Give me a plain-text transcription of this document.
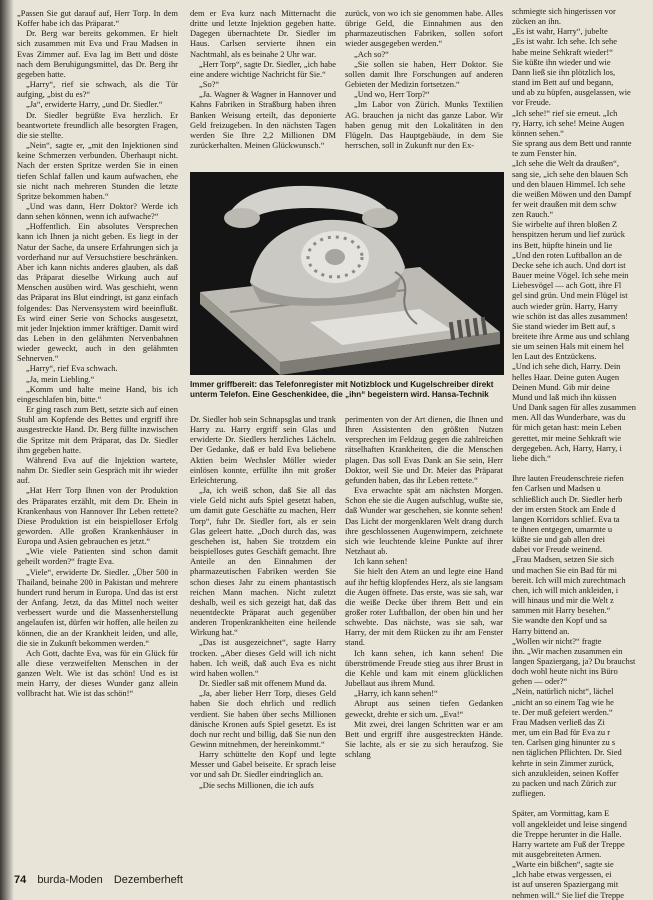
„Passen Sie gut darauf auf, Herr Torp. In dem Koffer habe ich das Präparat.“

Dr. Berg war bereits gekommen. Er hielt sich zusammen mit Eva und Frau Madsen in Evas Zimmer auf. Eva lag im Bett und döste nach dem Beruhigungsmittel, das Dr. Berg ihr gegeben hatte.

„Harry“, rief sie schwach, als die Tür aufging, „bist du es?“

„Ja“, erwiderte Harry, „und Dr. Siedler.“

Dr. Siedler begrüßte Eva herzlich. Er beantwortete freundlich alle besorgten Fragen, die sie stellte.

„Nein“, sagte er, „mit den Injektionen sind keine Schmerzen verbunden. Überhaupt nicht. Nach der ersten Spritze werden Sie in einen tiefen Schlaf fallen und kaum aufwachen, ehe sie nicht nach mehreren Stunden die letzte Spritze bekommen haben.“

„Und was dann, Herr Doktor? Werde ich dann sehen können, wenn ich aufwache?“

„Hoffentlich. Ein absolutes Versprechen kann ich Ihnen ja nicht geben. Es liegt in der Natur der Sache, da unsere Erfahrungen sich ja vorderhand nur auf Versuchstiere beschränken. Aber ich kann nichts anderes glauben, als daß das Präparat dieselbe Wirkung auch auf Menschen ausüben wird. Was geschieht, wenn das Präparat ins Blut eindringt, ist ganz einfach folgendes: Das Nervensystem wird beeinflußt. Es wird einer Serie von Schocks ausgesetzt, mit jeder Injektion immer kräftiger. Damit wird das Leben in den gelähmten Nervenbahnen wieder geweckt, auch in den gelähmten Sehnerven.“

„Harry“, rief Eva schwach.

„Ja, mein Liebling.“

„Komm und halte meine Hand, bis ich eingeschlafen bin, bitte.“

Er ging rasch zum Bett, setzte sich auf einen Stuhl am Kopfende des Bettes und ergriff ihre ausgestreckte Hand. Dr. Berg füllte inzwischen die Spritze mit dem Präparat, das Dr. Siedler ihm gegeben hatte.

Während Eva auf die Injektion wartete, nahm Dr. Siedler sein Gespräch mit ihr wieder auf.

„Hat Herr Torp Ihnen von der Produktion des Präparates erzählt, mit dem Dr. Ehein in Krankenhaus von Hannover Ihr Leben rettete? Diese Produktion ist ein beispielloser Erfolg geworden. Alle großen Krankenhäuser in Europa und Asien gebrauchen es jetzt.“

„Wie viele Patienten sind schon damit geheilt worden?“ fragte Eva.

„Viele“, erwiderte Dr. Siedler. „Über 500 in Thailand, beinahe 200 in Pakistan und mehrere hundert rund herum in Europa. Und das ist erst der Anfang. Jetzt, da das Mittel noch weiter verbessert wurde und die Massenherstellung angelaufen ist, dürfen wir hoffen, alle heilen zu können, die an der Krankheit leiden, und alle, die sie in Zukunft bekommen werden.“

Ach Gott, dachte Eva, was für ein Glück für alle diese verzweifelten Menschen in der ganzen Welt. Wie ist das schön! Und es ist mein Harry, der dieses Wunder ganz allein vollbracht hat. Wie ist das schön!“

dem er Eva kurz nach Mitternacht die dritte und letzte Injektion gegeben hatte. Dagegen übernachtete Dr. Siedler im Haus. Carlsen servierte ihnen ein Nachtmahl, als es beinahe 2 Uhr war.

„Herr Torp“, sagte Dr. Siedler, „ich habe eine andere wichtige Nachricht für Sie.“

„So?“

„Ja. Wagner & Wagner in Hannover und Kahns Fabriken in Straßburg haben ihren Banken Weisung erteilt, das deponierte Geld freizugeben. In den nächsten Tagen werden Sie Ihre 2,2 Millionen DM zurückerhalten. Meinen Glückwunsch.“

zurück, von wo ich sie genommen habe. Alles übrige Geld, die Einnahmen aus den pharmazeutischen Fabriken, sollen sofort wieder ausgegeben werden.“

„Ach so?“

„Sie sollen sie haben, Herr Doktor. Sie sollen damit Ihre Forschungen auf anderen Gebieten der Medizin fortsetzen.“

„Und wo, Herr Torp?“

„Im Labor von Zürich. Munks Textilien AG. brauchen ja nicht das ganze Labor. Wir haben genug mit den Lokalitäten in den Flügeln. Das Hauptgebäude, in dem Sie herrschen, soll in Zukunft nur den Ex-

Immer griffbereit: das Telefonregister mit Notizblock und Kugelschreiber direkt unterm Telefon. Eine Geschenkidee, die „ihn“ begeistern wird. Hansa-Technik

Dr. Siedler hob sein Schnapsglas und trank Harry zu. Harry ergriff sein Glas und erwiderte Dr. Siedlers herzliches Lächeln. Der Gedanke, daß er bald Eva beliebene Aktien beim Wechsler Möller wieder einlösen konnte, erfüllte ihn mit großer Erleichterung.

„Ja, ich weiß schon, daß Sie all das viele Geld nicht aufs Spiel gesetzt haben, um damit gute Geschäfte zu machen, Herr Torp“, fuhr Dr. Siedler fort, als er sein Glas geleert hatte. „Doch durch das, was geschehen ist, haben Sie trotzdem ein beispielloses gutes Geschäft gemacht. Ihre Anteile an den Einnahmen der pharmazeutischen Fabriken werden Sie schon dieses Jahr zu einem phantastisch reichen Mann machen. Nicht zuletzt deshalb, weil es sich gezeigt hat, daß das neuentdeckte Präparat auch gegenüber anderen Tropenkrankheiten eine heilende Wirkung hat.“

„Das ist ausgezeichnet“, sagte Harry trocken. „Aber dieses Geld will ich nicht haben. Ich weiß, daß auch Eva es nicht wird haben wollen.“

Dr. Siedler saß mit offenem Mund da.

„Ja, aber lieber Herr Torp, dieses Geld haben Sie doch ehrlich und redlich verdient. Sie haben über sechs Millionen dänische Kronen aufs Spiel gesetzt. Es ist doch nur recht und billig, daß Sie nun den Gewinn mitnehmen, der hereinkommt.“

Harry schüttelte den Kopf und legte Messer und Gabel beiseite. Er sprach leise vor und sah Dr. Siedler eindringlich an.

„Die sechs Millionen, die ich aufs

perimenten von der Art dienen, die Ihnen und Ihren Assistenten den größten Nutzen versprechen im Feldzug gegen die zahlreichen rätselhaften Krankheiten, die die Menschen plagen. Das soll Evas Dank an Sie sein, Herr Doktor, weil Sie und Dr. Meier das Präparat gefunden haben, das ihr Leben rettete.“

Eva erwachte spät am nächsten Morgen. Schon ehe sie die Augen aufschlug, wußte sie, daß Wunder war geschehen, sie konnte sehen! Das Licht der morgenklaren Welt drang durch ihre geschlossenen Augenwimpern, zeichnete sich wie leuchtende kleine Punkte auf ihrer Netzhaut ab.

Ich kann sehen!

Sie hielt den Atem an und legte eine Hand auf ihr heftig klopfendes Herz, als sie langsam die Augen öffnete. Das erste, was sie sah, war die weiße Decke über ihrem Bett und ein großer roter Luftballon, der oben hin und her schwebte. Das nächste, was sie sah, war Harry, der mit dem Rücken zu ihr am Fenster stand.

Ich kann sehen, ich kann sehen! Die überströmende Freude stieg aus ihrer Brust in die Kehle und kam mit einem glücklichen Jubellaut aus ihrem Mund.

„Harry, ich kann sehen!“

Abrupt aus seinen tiefen Gedanken geweckt, drehte er sich um. „Eva!“

Mit zwei, drei langen Schritten war er am Bett und ergriff ihre ausgestreckten Hände. Sie lachte, als er sie zu sich heraufzog. Sie schlang

schmiegte sich hingerissen vor

zücken an ihn.

„Es ist wahr, Harry“, jubelte

„Es ist wahr. Ich sehe. Ich sehe

habe meine Sehkraft wieder!“

Sie küßte ihn wieder und wie

Dann ließ sie ihn plötzlich los,

stand im Bett auf und begann,

und ab zu hüpfen, ausgelassen, wie

vor Freude.

„Ich sehe!“ rief sie erneut. „Ich

ry, Harry, ich sehe! Meine Augen

können sehen.“

Sie sprang aus dem Bett und rannte

te zum Fenster hin.

„Ich sehe die Welt da draußen“,

sang sie, „ich sehe den blauen Sch

und den blauen Himmel. Ich sehe

die weißen Möwen und den Dampf

fer weit draußen mit dem schw

zen Rauch.“

Sie wirbelte auf ihren bloßen Z

henspitzen herum und lief zurück

ins Bett, hüpfte hinein und lie

„Und den roten Luftballon an de

Decke sehe ich auch. Und dort ist

Bauer meine Vögel. Ich sehe mein

Liebesvögel — ach Gott, ihre Fl

gel sind grün. Und mein Flügel ist

auch wieder grün. Harry, Harry

wie schön ist das alles zusammen!

Sie stand wieder im Bett auf, s

breitete ihre Arme aus und schlang

sie um seinen Hals mit einem hel

len Laut des Entzückens.

„Und ich sehe dich, Harry. Dein

helles Haar. Deine guten Augen

Deinen Mund. Gib mir deine

Mund und laß mich ihn küssen

Und Dank sagen für alles zusammen

men. All das Wunderbare, was du

für mich getan hast: mein Leben

gerettet, mir meine Sehkraft wie

dergegeben. Ach, Harry, Harry, i

liebe dich.“

Ihre lauten Freudenschreie riefen

fen Carlsen und Madsen u

schließlich auch Dr. Siedler herb

der im ersten Stock am Ende d

langen Korridors schlief. Eva ta

te ihnen entgegen, umarmte u

küßte sie und gab allen drei

dabei vor Freude weinend.

„Frau Madsen, setzen Sie sich

und machen Sie ein Bad für mi

bereit. Ich will mich zurechtmach

chen, ich will mich ankleiden, i

will hinaus und mir die Welt z

sammen mit Harry besehen.“

Sie wandte den Kopf und sa

Harry bittend an.

„Wollen wir nicht?“ fragte

ihn. „Wir machen zusammen ein

langen Spaziergang, ja? Du brauchst

doch wohl heute nicht ins Büro

gehen — oder?“

„Nein, natürlich nicht“, lächel

„nicht an so einem Tag wie he

te. Der muß gefeiert werden.“

Frau Madsen verließ das Zi

mer, um ein Bad für Eva zu r

ten. Carlsen ging hinunter zu s

nen täglichen Pflichten. Dr. Sied

kehrte in sein Zimmer zurück,

sich anzukleiden, seinen Koffer

zu packen und nach Zürich zur

zufliegen.

Später, am Vormittag, kam E

voll angekleidet und leise singend

die Treppe herunter in die Halle.

Harry wartete am Fuß der Treppe

mit ausgebreiteten Armen.

„Warte ein bißchen“, sagte sie

„Ich habe etwas vergessen, ei

ist auf unseren Spaziergang mit

nehmen will.“ Sie lief die Treppe

74 burda-Moden Dezemberheft
